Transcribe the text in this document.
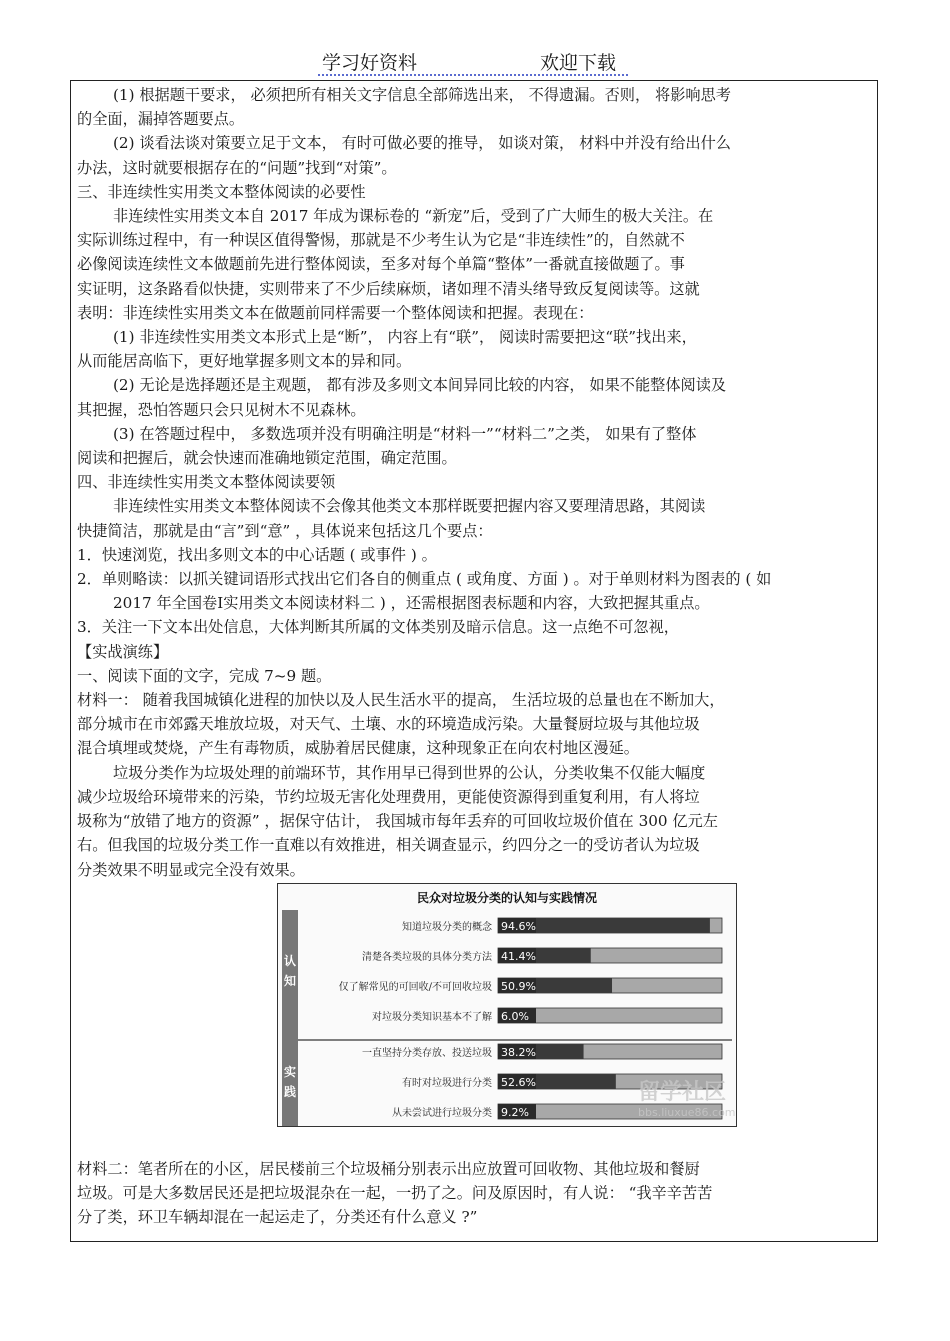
学习好资料	欢迎下载

(1) 根据题干要求， 必须把所有相关文字信息全部筛选出来， 不得遗漏。否则， 将影响思考

的全面，漏掉答题要点。

(2) 谈看法谈对策要立足于文本， 有时可做必要的推导， 如谈对策， 材料中并没有给出什么

办法，这时就要根据存在的“问题”找到“对策”。

三、非连续性实用类文本整体阅读的必要性

非连续性实用类文本自 2017 年成为课标卷的 “新宠”后，受到了广大师生的极大关注。在

实际训练过程中，有一种误区值得警惕，那就是不少考生认为它是“非连续性”的，自然就不

必像阅读连续性文本做题前先进行整体阅读，至多对每个单篇“整体”一番就直接做题了。事

实证明，这条路看似快捷，实则带来了不少后续麻烦，诸如理不清头绪导致反复阅读等。这就

表明：非连续性实用类文本在做题前同样需要一个整体阅读和把握。表现在：

(1) 非连续性实用类文本形式上是“断”， 内容上有“联”， 阅读时需要把这“联”找出来，

从而能居高临下，更好地掌握多则文本的异和同。

(2) 无论是选择题还是主观题， 都有涉及多则文本间异同比较的内容， 如果不能整体阅读及

其把握，恐怕答题只会只见树木不见森林。

(3) 在答题过程中， 多数选项并没有明确注明是“材料一”“材料二”之类， 如果有了整体

阅读和把握后，就会快速而准确地锁定范围，确定范围。

四、非连续性实用类文本整体阅读要领

非连续性实用类文本整体阅读不会像其他类文本那样既要把握内容又要理清思路，其阅读

快捷简洁，那就是由“言”到“意” ，具体说来包括这几个要点：

1．快速浏览，找出多则文本的中心话题 ( 或事件 ) 。

2．单则略读：以抓关键词语形式找出它们各自的侧重点 ( 或角度、方面 ) 。对于单则材料为图表的 ( 如

2017 年全国卷Ⅰ实用类文本阅读材料二 ) ，还需根据图表标题和内容，大致把握其重点。

3．关注一下文本出处信息，大体判断其所属的文体类别及暗示信息。这一点绝不可忽视，

【实战演练】

一、阅读下面的文字，完成 7~9 题。

材料一： 随着我国城镇化进程的加快以及人民生活水平的提高， 生活垃圾的总量也在不断加大，

部分城市在市郊露天堆放垃圾，对天气、土壤、水的环境造成污染。大量餐厨垃圾与其他垃圾

混合填埋或焚烧，产生有毒物质，威胁着居民健康，这种现象正在向农村地区漫延。

垃圾分类作为垃圾处理的前端环节，其作用早已得到世界的公认，分类收集不仅能大幅度

减少垃圾给环境带来的污染，节约垃圾无害化处理费用，更能使资源得到重复利用，有人将垃

圾称为“放错了地方的资源” ，据保守估计， 我国城市每年丢弃的可回收垃圾价值在 300 亿元左

右。但我国的垃圾分类工作一直难以有效推进，相关调查显示，约四分之一的受访者认为垃圾

分类效果不明显或完全没有效果。

民众对垃圾分类的认知与实践情况
认
知
知道垃圾分类的概念 94.6%
清楚各类垃圾的具体分类方法 41.4%
仅了解常见的可回收/不可回收垃圾 50.9%
对垃圾分类知识基本不了解 6.0%
实
践
一直坚持分类存放、投送垃圾 38.2%
有时对垃圾进行分类 52.6%
从未尝试进行垃圾分类 9.2%
留学社区
bbs.liuxue86.com

材料二：笔者所在的小区，居民楼前三个垃圾桶分别表示出应放置可回收物、其他垃圾和餐厨

垃圾。可是大多数居民还是把垃圾混杂在一起，一扔了之。问及原因时，有人说： “我辛辛苦苦

分了类，环卫车辆却混在一起运走了，分类还有什么意义 ?”
